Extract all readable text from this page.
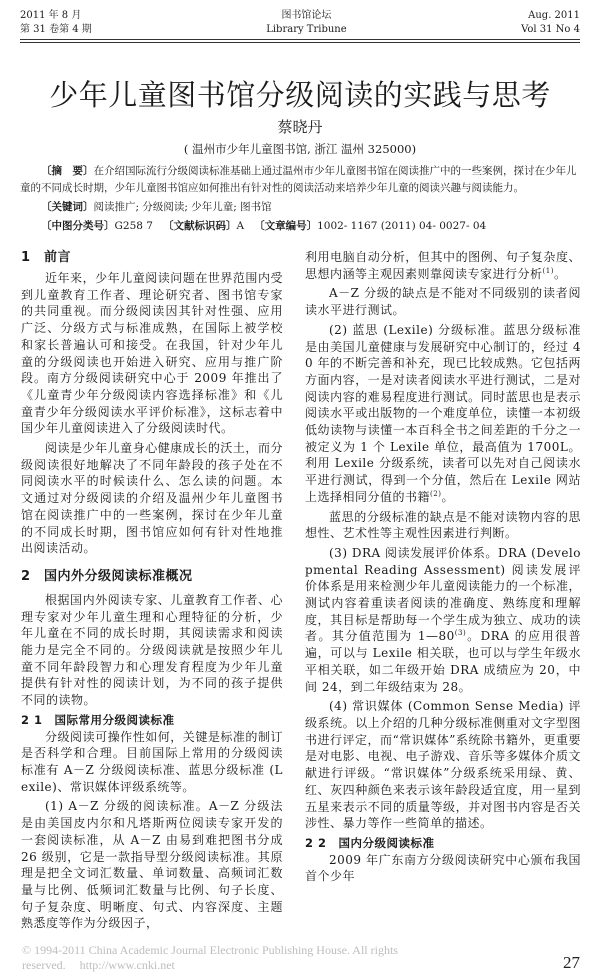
2011 年 8 月
第 31 卷第 4 期
图书馆论坛
Library Tribune
Aug. 2011
Vol 31 No 4
少年儿童图书馆分级阅读的实践与思考
蔡晓丹
( 温州市少年儿童图书馆, 浙江 温州 325000)
〔摘　要〕在介绍国际流行分级阅读标准基础上通过温州市少年儿童图书馆在阅读推广中的一些案例，探讨在少年儿童的不同成长时期，少年儿童图书馆应如何推出有针对性的阅读活动来培养少年儿童的阅读兴趣与阅读能力。
〔关键词〕阅读推广; 分级阅读; 少年儿童; 图书馆
〔中图分类号〕G258 7 〔文献标识码〕A 〔文章编号〕1002- 1167 (2011) 04- 0027- 04
1　前言

近年来，少年儿童阅读问题在世界范围内受到儿童教育工作者、理论研究者、图书馆专家的共同重视。而分级阅读因其针对性强、应用广泛、分级方式与标准成熟，在国际上被学校和家长普遍认可和接受。在我国，针对少年儿童的分级阅读也开始进入研究、应用与推广阶段。南方分级阅读研究中心于 2009 年推出了《儿童青少年分级阅读内容选择标准》和《儿童青少年分级阅读水平评价标准》，这标志着中国少年儿童阅读进入了分级阅读时代。

阅读是少年儿童身心健康成长的沃土，而分级阅读很好地解决了不同年龄段的孩子处在不同阅读水平的时候读什么、怎么读的问题。本文通过对分级阅读的介绍及温州少年儿童图书馆在阅读推广中的一些案例，探讨在少年儿童的不同成长时期，图书馆应如何有针对性地推出阅读活动。

2　国内外分级阅读标准概况

根据国内外阅读专家、儿童教育工作者、心理专家对少年儿童生理和心理特征的分析，少年儿童在不同的成长时期，其阅读需求和阅读能力是完全不同的。分级阅读就是按照少年儿童不同年龄段智力和心理发育程度为少年儿童提供有针对性的阅读计划，为不同的孩子提供不同的读物。

2 1　国际常用分级阅读标准

分级阅读可操作性如何，关键是标准的制订是否科学和合理。目前国际上常用的分级阅读标准有 A－Z 分级阅读标准、蓝思分级标准 (Lexile)、常识媒体评级系统等。

(1) A－Z 分级的阅读标准。A－Z 分级法是由美国皮内尔和凡塔斯两位阅读专家开发的一套阅读标准，从 A－Z 由易到难把图书分成 26 级别，它是一款指导型分级阅读标准。其原理是把全文词汇数量、单词数量、高频词汇数量与比例、低频词汇数量与比例、句子长度、句子复杂度、明晰度、句式、内容深度、主题熟悉度等作为分级因子，

利用电脑自动分析，但其中的图例、句子复杂度、思想内涵等主观因素则靠阅读专家进行分析$^{(1)}$。

A－Z 分级的缺点是不能对不同级别的读者阅读水平进行测试。

(2) 蓝思 (Lexile) 分级标准。蓝思分级标准是由美国儿童健康与发展研究中心制订的，经过 40 年的不断完善和补充，现已比较成熟。它包括两方面内容，一是对读者阅读水平进行测试，二是对阅读内容的难易程度进行测试。同时蓝思也是表示阅读水平或出版物的一个难度单位，读懂一本初级低幼读物与读懂一本百科全书之间差距的千分之一被定义为 1 个 Lexile 单位，最高值为 1700L。利用 Lexile 分级系统，读者可以先对自己阅读水平进行测试，得到一个分值，然后在 Lexile 网站上选择相同分值的书籍$^{(2)}$。

蓝思的分级标准的缺点是不能对读物内容的思想性、艺术性等主观性因素进行判断。

(3) DRA 阅读发展评价体系。DRA (Developmental Reading Assessment) 阅读发展评价体系是用来检测少年儿童阅读能力的一个标准，测试内容着重读者阅读的准确度、熟练度和理解度，其目标是帮助每一个学生成为独立、成功的读者。其分值范围为 1—80$^{(3)}$。DRA 的应用很普遍，可以与 Lexile 相关联，也可以与学生年级水平相关联，如二年级开始 DRA 成绩应为 20，中间 24，到二年级结束为 28。

(4) 常识媒体 (Common Sense Media) 评级系统。以上介绍的几种分级标准侧重对文字型图书进行评定，而“常识媒体”系统除书籍外，更重要是对电影、电视、电子游戏、音乐等多媒体介质文献进行评级。“常识媒体”分级系统采用绿、黄、红、灰四种颜色来表示该年龄段适宜度，用一星到五星来表示不同的质量等级，并对图书内容是否关涉性、暴力等作一些简单的描述。

2 2　国内分级阅读标准

2009 年广东南方分级阅读研究中心颁布我国首个少年

© 1994-2011 China Academic Journal Electronic Publishing House. All rights reserved. http://www.cnki.net	27
